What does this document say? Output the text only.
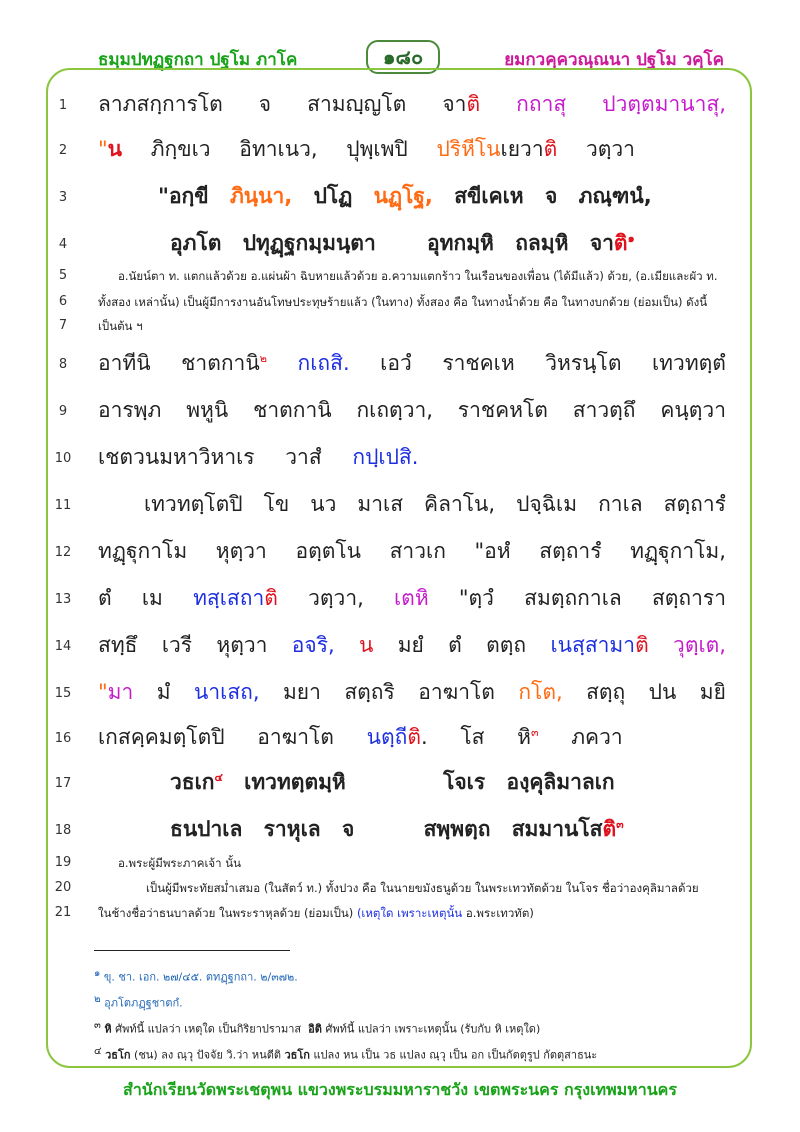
ธมฺมปทฏฺฐกถา ปฐโม ภาโค	๑๘๐	ยมกวคฺควณฺณนา ปฐโม วคฺโค
1	ลาภสกฺการโต จ สามญฺญโต จาติ กถาสุ ปวตฺตมานาสุ,
2	"น ภิกฺขเว อิทาเนว, ปุพฺเพปิ ปริหีโนเยวาติ วตฺวา
3	"อกฺขี ภินฺนา, ปโฏ นฏฺโฐ, สขีเคเห จ ภณฺฑนํ,
4	อุภโต ปทุฏฺฐกมฺมนฺตา อุทกมฺหิ ถลมฺหิ จาติ$^๑$
5	อ.นัยน์ตา ท. แตกแล้วด้วย อ.แผ่นผ้า ฉิบหายแล้วด้วย อ.ความแตกร้าว ในเรือนของเพื่อน (ได้มีแล้ว) ด้วย, (อ.เมียและผัว ท.
6	ทั้งสอง เหล่านั้น) เป็นผู้มีการงานอันโทษประทุษร้ายแล้ว (ในทาง) ทั้งสอง คือ ในทางน้ำด้วย คือ ในทางบกด้วย (ย่อมเป็น) ดังนี้
7	เป็นต้น ฯ
8	อาทีนิ ชาตกานิ$^๒$ กเถสิ. เอวํ ราชคเห วิหรนฺโต เทวทตฺตํ
9	อารพฺภ พหูนิ ชาตกานิ กเถตฺวา, ราชคหโต สาวตฺถึ คนฺตฺวา
10	เชตวนมหาวิหาเร วาสํ กปฺเปสิ.
11	เทวทตฺโตปิ โข นว มาเส คิลาโน, ปจฺฉิเม กาเล สตฺถารํ
12	ทฏฺฐุกาโม หุตฺวา อตฺตโน สาวเก "อหํ สตฺถารํ ทฏฺฐุกาโม,
13	ตํ เม ทสฺเสถาติ วตฺวา, เตหิ "ตฺวํ สมตฺถกาเล สตฺถารา
14	สทฺธึ เวรี หุตฺวา อจริ, น มยํ ตํ ตตฺถ เนสฺสามาติ วุตฺเต,
15	"มา มํ นาเสถ, มยา สตฺถริ อาฆาโต กโต, สตฺถุ ปน มยิ
16	เกสคฺคมตฺโตปิ อาฆาโต นตฺถีติ. โส หิ$^๓$ ภควา
17	วธเก$^๔$ เทวทตฺตมฺหิ	โจเร องฺคุลิมาลเก
18	ธนปาเล ราหุเล จ	สพฺพตฺถ สมมานโสติ$^๓$
19	อ.พระผู้มีพระภาคเจ้า นั้น
20	เป็นผู้มีพระทัยสม่ำเสมอ (ในสัตว์ ท.) ทั้งปวง คือ ในนายขมังธนูด้วย ในพระเทวทัตด้วย ในโจร ชื่อว่าองคุลิมาลด้วย
21	ในช้างชื่อว่าธนบาลด้วย ในพระราหุลด้วย (ย่อมเป็น) (เหตุใด เพราะเหตุนั้น อ.พระเทวทัต)
๑ ขุ. ชา. เอก. ๒๗/๔๕. ตทฏฺฐกถา. ๒/๓๗๒.
๒ อุภโตภฏฺฐชาตกํ.
๓ หิ ศัพท์นี้ แปลว่า เหตุใด เป็นกิริยาปรามาส อิติ ศัพท์นี้ แปลว่า เพราะเหตุนั้น (รับกับ หิ เหตุใด)
๔ วธโก (ชน) ลง ณฺวุ ปัจจัย วิ.ว่า หนตีติ วธโก แปลง หน เป็น วธ แปลง ณฺวุ เป็น อก เป็นกัตตุรูป กัตตุสาธนะ
สำนักเรียนวัดพระเชตุพน แขวงพระบรมมหาราชวัง เขตพระนคร กรุงเทพมหานคร
